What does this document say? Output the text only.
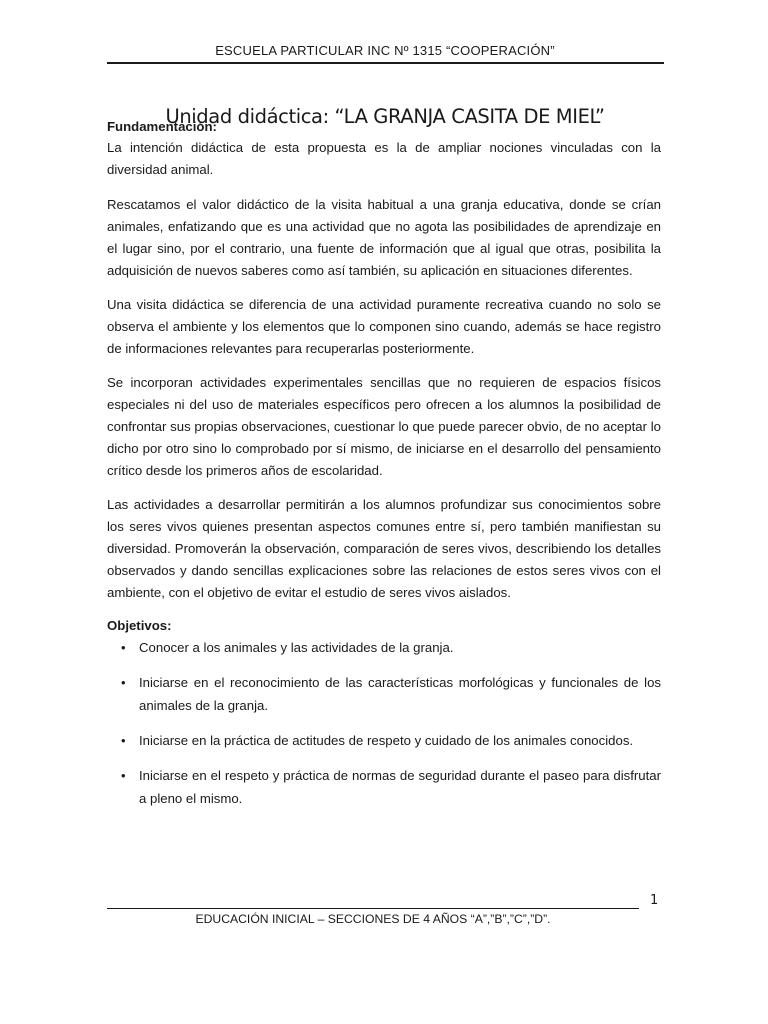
ESCUELA PARTICULAR INC Nº 1315 “COOPERACIÓN”
Unidad didáctica: “LA GRANJA CASITA DE MIEL”

Fundamentación:

La intención didáctica de esta propuesta es la de ampliar nociones vinculadas con la diversidad animal.

Rescatamos el valor didáctico de la visita habitual a una granja educativa, donde se crían animales, enfatizando que es una actividad que no agota las posibilidades de aprendizaje en el lugar sino, por el contrario, una fuente de información que al igual que otras, posibilita la adquisición de nuevos saberes como así también, su aplicación en situaciones diferentes.

Una visita didáctica se diferencia de una actividad puramente recreativa cuando no solo se observa el ambiente y los elementos que lo componen sino cuando, además se hace registro de informaciones relevantes para recuperarlas posteriormente.

Se incorporan actividades experimentales sencillas que no requieren de espacios físicos especiales ni del uso de materiales específicos pero ofrecen a los alumnos la posibilidad de confrontar sus propias observaciones, cuestionar lo que puede parecer obvio, de no aceptar lo dicho por otro sino lo comprobado por sí mismo, de iniciarse en el desarrollo del pensamiento crítico desde los primeros años de escolaridad.

Las actividades a desarrollar permitirán a los alumnos profundizar sus conocimientos sobre los seres vivos quienes presentan aspectos comunes entre sí, pero también manifiestan su diversidad. Promoverán la observación, comparación de seres vivos, describiendo los detalles observados y dando sencillas explicaciones sobre las relaciones de estos seres vivos con el ambiente, con el objetivo de evitar el estudio de seres vivos aislados.

Objetivos:

• Conocer a los animales y las actividades de la granja.
• Iniciarse en el reconocimiento de las características morfológicas y funcionales de los animales de la granja.
• Iniciarse en la práctica de actitudes de respeto y cuidado de los animales conocidos.
• Iniciarse en el respeto y práctica de normas de seguridad durante el paseo para disfrutar a pleno el mismo.
1
EDUCACIÓN INICIAL – SECCIONES DE 4 AÑOS “A”,”B”,”C”,”D”.
